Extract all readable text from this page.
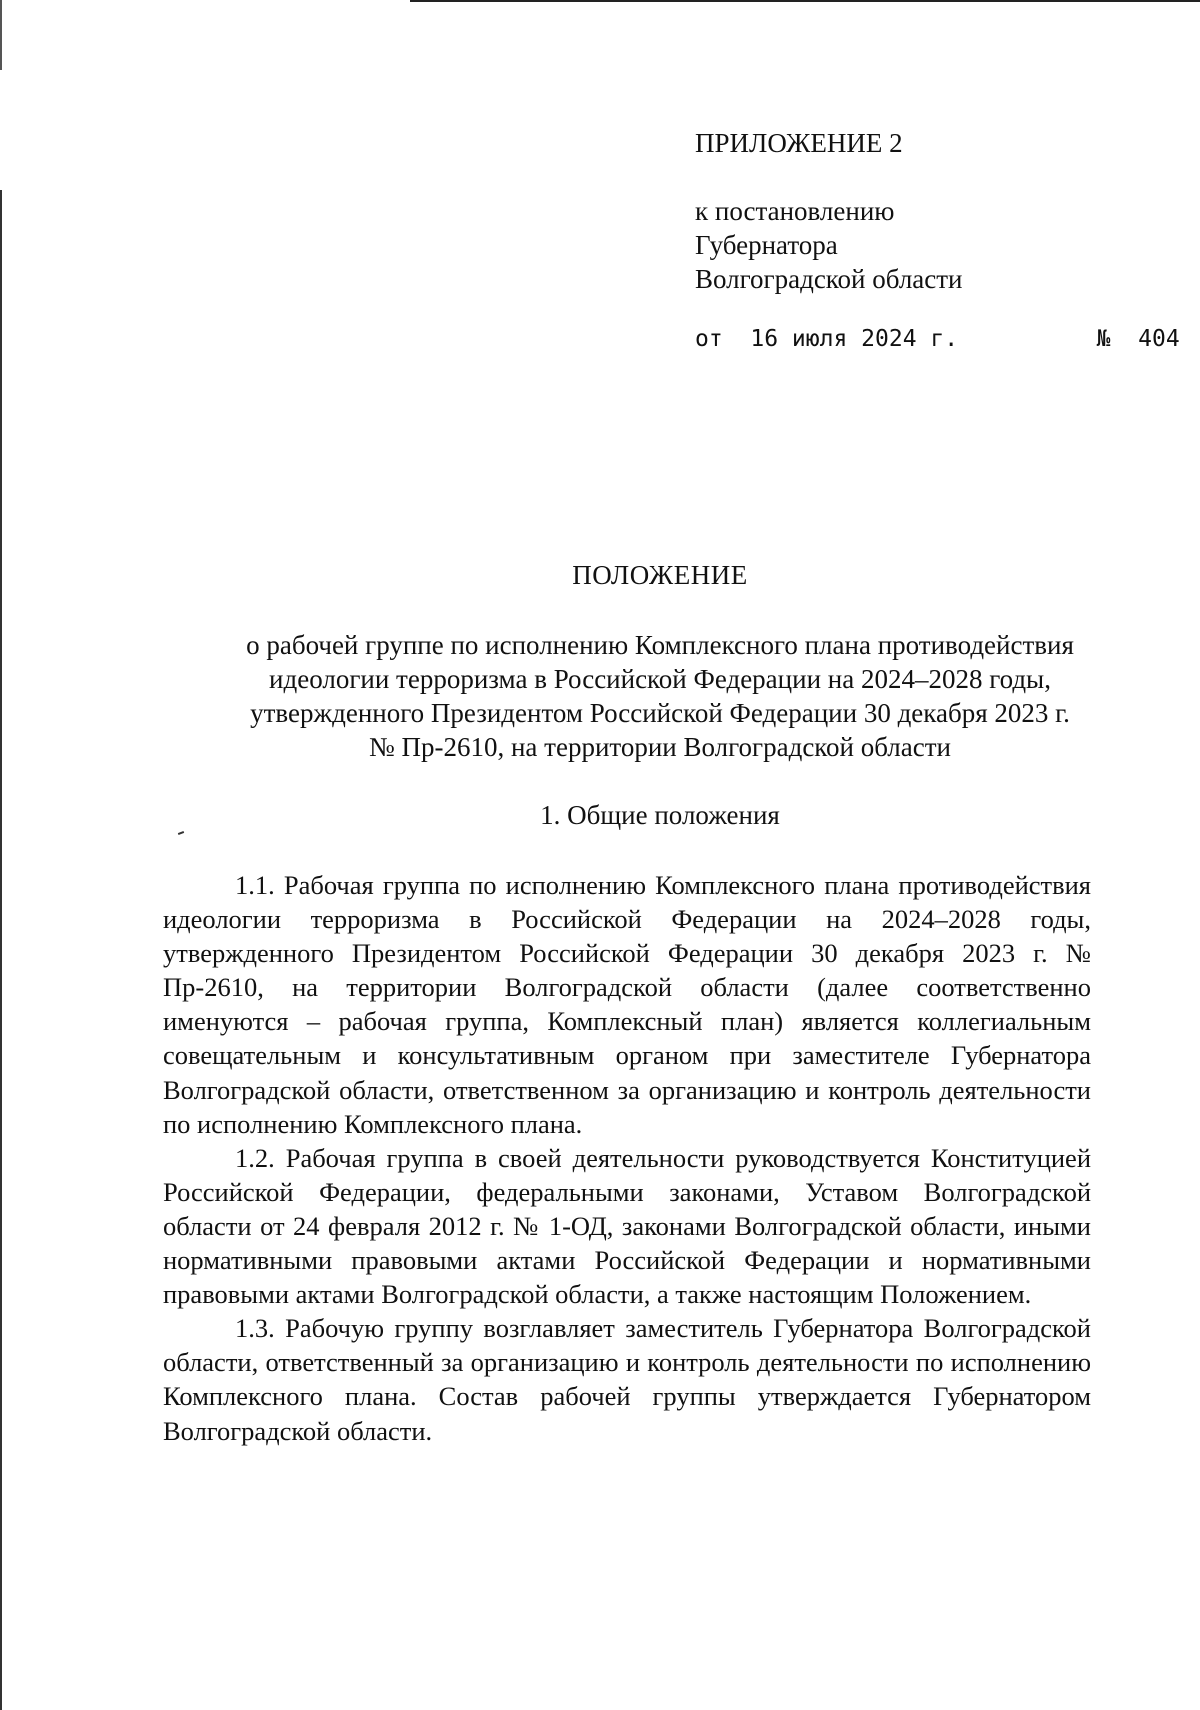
ПРИЛОЖЕНИЕ 2
к постановлению
Губернатора
Волгоградской области
от  16 июля 2024 г.	№  404
ПОЛОЖЕНИЕ
о рабочей группе по исполнению Комплексного плана противодействия
идеологии терроризма в Российской Федерации на 2024–2028 годы,
утвержденного Президентом Российской Федерации 30 декабря 2023 г.
№ Пр-2610, на территории Волгоградской области
1. Общие положения

1.1. Рабочая группа по исполнению Комплексного плана противодействия идеологии терроризма в Российской Федерации на 2024–2028 годы, утвержденного Президентом Российской Федерации 30 декабря 2023 г. № Пр-2610, на территории Волгоградской области (далее соответственно именуются – рабочая группа, Комплексный план) является коллегиальным совещательным и консультативным органом при заместителе Губернатора Волгоградской области, ответственном за организацию и контроль деятельности по исполнению Комплексного плана.

1.2. Рабочая группа в своей деятельности руководствуется Конституцией Российской Федерации, федеральными законами, Уставом Волгоградской области от 24 февраля 2012 г. № 1-ОД, законами Волгоградской области, иными нормативными правовыми актами Российской Федерации и нормативными правовыми актами Волгоградской области, а также настоящим Положением.

1.3. Рабочую группу возглавляет заместитель Губернатора Волгоградской области, ответственный за организацию и контроль деятельности по исполнению Комплексного плана. Состав рабочей группы утверждается Губернатором Волгоградской области.
